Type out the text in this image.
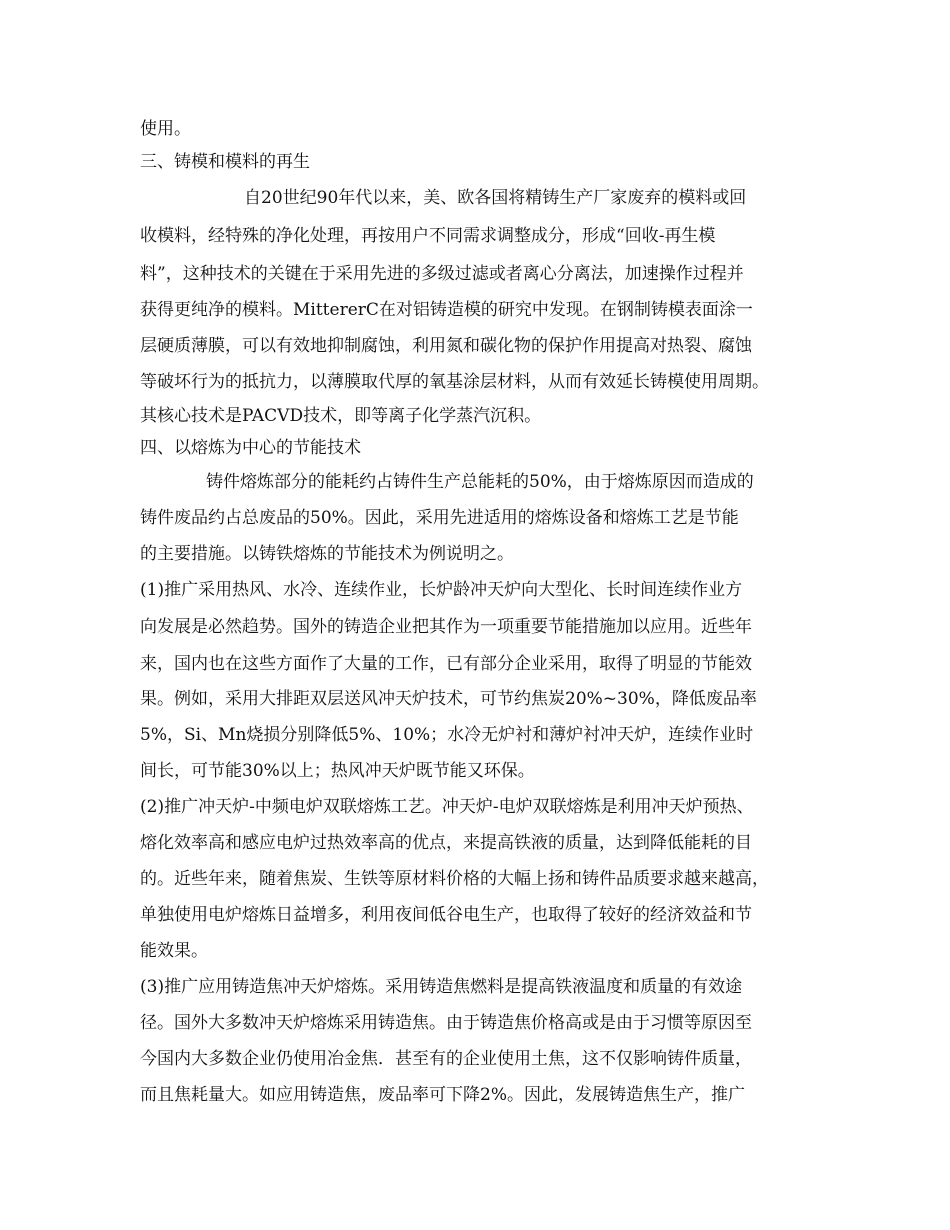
使用。
三、铸模和模料的再生
自20世纪90年代以来，美、欧各国将精铸生产厂家废弃的模料或回
收模料，经特殊的净化处理，再按用户不同需求调整成分，形成“回收-再生模
料”，这种技术的关键在于采用先进的多级过滤或者离心分离法，加速操作过程并
获得更纯净的模料。MittererC在对铝铸造模的研究中发现。在钢制铸模表面涂一
层硬质薄膜，可以有效地抑制腐蚀，利用氮和碳化物的保护作用提高对热裂、腐蚀
等破坏行为的抵抗力，以薄膜取代厚的氧基涂层材料，从而有效延长铸模使用周期。
其核心技术是PACVD技术，即等离子化学蒸汽沉积。
四、以熔炼为中心的节能技术
铸件熔炼部分的能耗约占铸件生产总能耗的50%，由于熔炼原因而造成的
铸件废品约占总废品的50%。因此，采用先进适用的熔炼设备和熔炼工艺是节能
的主要措施。以铸铁熔炼的节能技术为例说明之。
(1)推广采用热风、水冷、连续作业，长炉龄冲天炉向大型化、长时间连续作业方
向发展是必然趋势。国外的铸造企业把其作为一项重要节能措施加以应用。近些年
来，国内也在这些方面作了大量的工作，已有部分企业采用，取得了明显的节能效
果。例如，采用大排距双层送风冲天炉技术，可节约焦炭20%~30%，降低废品率
5%，Si、Mn烧损分别降低5%、10%；水冷无炉衬和薄炉衬冲天炉，连续作业时
间长，可节能30%以上；热风冲天炉既节能又环保。
(2)推广冲天炉-中频电炉双联熔炼工艺。冲天炉-电炉双联熔炼是利用冲天炉预热、
熔化效率高和感应电炉过热效率高的优点，来提高铁液的质量，达到降低能耗的目
的。近些年来，随着焦炭、生铁等原材料价格的大幅上扬和铸件品质要求越来越高，
单独使用电炉熔炼日益增多，利用夜间低谷电生产，也取得了较好的经济效益和节
能效果。
(3)推广应用铸造焦冲天炉熔炼。采用铸造焦燃料是提高铁液温度和质量的有效途
径。国外大多数冲天炉熔炼采用铸造焦。由于铸造焦价格高或是由于习惯等原因至
今国内大多数企业仍使用冶金焦．甚至有的企业使用土焦，这不仅影响铸件质量，
而且焦耗量大。如应用铸造焦，废品率可下降2%。因此，发展铸造焦生产，推广
